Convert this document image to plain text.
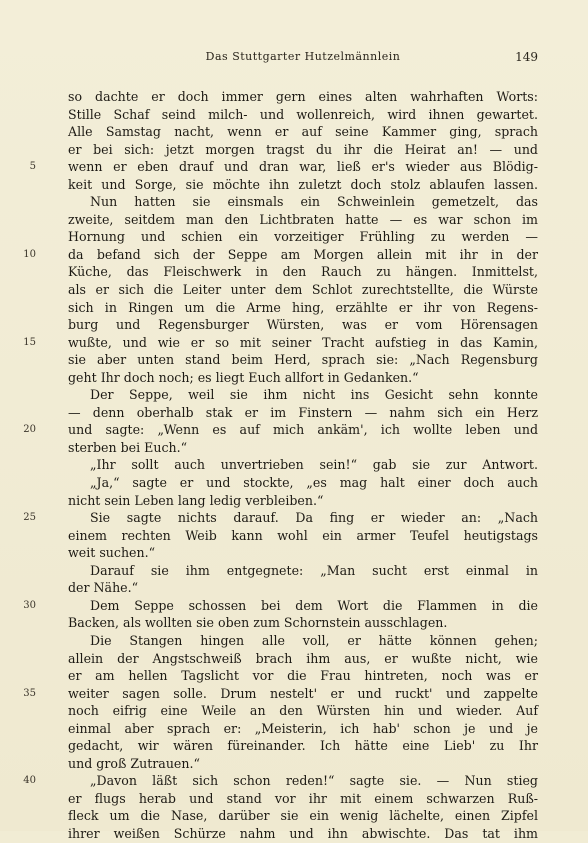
Das Stuttgarter Hutzelmännlein	149
so dachte er doch immer gern eines alten wahrhaften Worts:
Stille Schaf seind milch- und wollenreich, wird ihnen gewartet.
Alle Samstag nacht, wenn er auf seine Kammer ging, sprach
er bei sich: jetzt morgen tragst du ihr die Heirat an! — und
5	wenn er eben drauf und dran war, ließ er's wieder aus Blödig-
keit und Sorge, sie möchte ihn zuletzt doch stolz ablaufen lassen.
Nun hatten sie einsmals ein Schweinlein gemetzelt, das
zweite, seitdem man den Lichtbraten hatte — es war schon im
Hornung und schien ein vorzeitiger Frühling zu werden —
10	da befand sich der Seppe am Morgen allein mit ihr in der
Küche, das Fleischwerk in den Rauch zu hängen. Inmittelst,
als er sich die Leiter unter dem Schlot zurechtstellte, die Würste
sich in Ringen um die Arme hing, erzählte er ihr von Regens-
burg und Regensburger Würsten, was er vom Hörensagen
15	wußte, und wie er so mit seiner Tracht aufstieg in das Kamin,
sie aber unten stand beim Herd, sprach sie: „Nach Regensburg
geht Ihr doch noch; es liegt Euch allfort in Gedanken.“
Der Seppe, weil sie ihm nicht ins Gesicht sehn konnte
— denn oberhalb stak er im Finstern — nahm sich ein Herz
20	und sagte: „Wenn es auf mich ankäm', ich wollte leben und
sterben bei Euch.“
„Ihr sollt auch unvertrieben sein!“ gab sie zur Antwort.
„Ja,“ sagte er und stockte, „es mag halt einer doch auch
nicht sein Leben lang ledig verbleiben.“
25	Sie sagte nichts darauf. Da fing er wieder an: „Nach
einem rechten Weib kann wohl ein armer Teufel heutigstags
weit suchen.“
Darauf sie ihm entgegnete: „Man sucht erst einmal in
der Nähe.“
30	Dem Seppe schossen bei dem Wort die Flammen in die
Backen, als wollten sie oben zum Schornstein ausschlagen.
Die Stangen hingen alle voll, er hätte können gehen;
allein der Angstschweiß brach ihm aus, er wußte nicht, wie
er am hellen Tagslicht vor die Frau hintreten, noch was er
35	weiter sagen solle. Drum nestelt' er und ruckt' und zappelte
noch eifrig eine Weile an den Würsten hin und wieder. Auf
einmal aber sprach er: „Meisterin, ich hab' schon je und je
gedacht, wir wären füreinander. Ich hätte eine Lieb' zu Ihr
und groß Zutrauen.“
40	„Davon läßt sich schon reden!“ sagte sie. — Nun stieg
er flugs herab und stand vor ihr mit einem schwarzen Ruß-
fleck um die Nase, darüber sie ein wenig lächelte, einen Zipfel
ihrer weißen Schürze nahm und ihn abwischte. Das tat ihm
